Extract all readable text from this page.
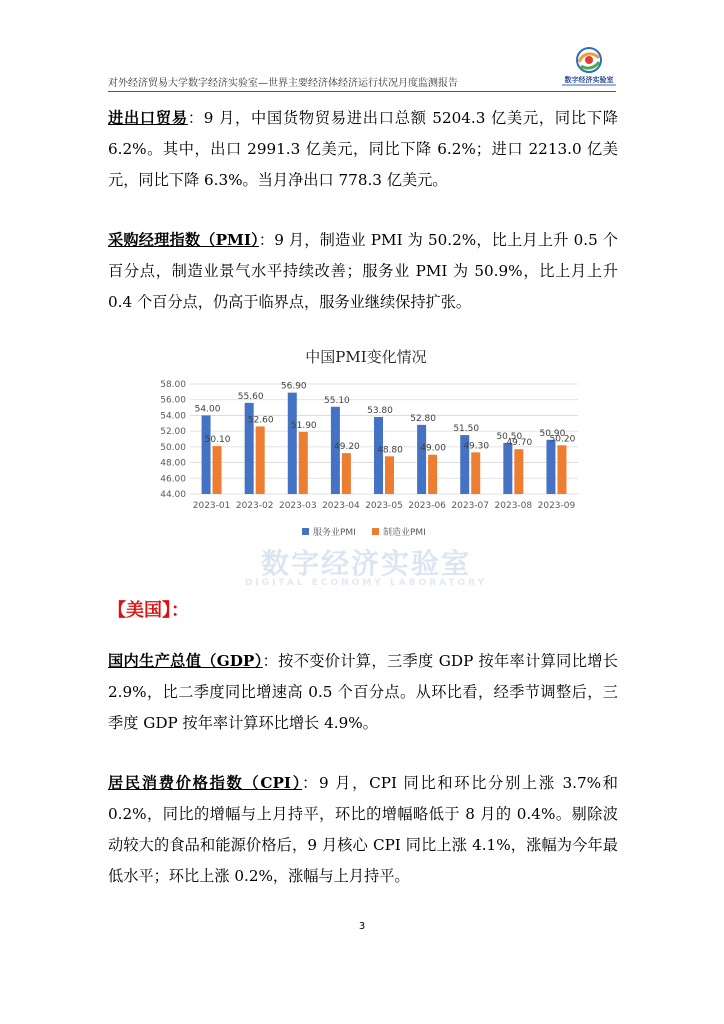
对外经济贸易大学数字经济实验室—世界主要经济体经济运行状况月度监测报告	数字经济实验室
进出口贸易：9 月，中国货物贸易进出口总额 5204.3 亿美元，同比下降 6.2%。其中，出口 2991.3 亿美元，同比下降 6.2%；进口 2213.0 亿美元，同比下降 6.3%。当月净出口 778.3 亿美元。
采购经理指数（PMI）：9 月，制造业 PMI 为 50.2%，比上月上升 0.5 个百分点，制造业景气水平持续改善；服务业 PMI 为 50.9%，比上月上升 0.4 个百分点，仍高于临界点，服务业继续保持扩张。
中国PMI变化情况
44.00
46.00
48.00
50.00
52.00
54.00
56.00
58.00
54.00
50.10
55.60
52.60
56.90
51.90
55.10
49.20
53.80
48.80
52.80
49.00
51.50
49.30
50.50
49.70
50.90
50.20
2023-01 2023-02 2023-03 2023-04 2023-05 2023-06 2023-07 2023-08 2023-09
服务业PMI	制造业PMI
数字经济实验室
DIGITAL ECONOMY LABORATORY
【美国】：
国内生产总值（GDP）：按不变价计算，三季度 GDP 按年率计算同比增长 2.9%，比二季度同比增速高 0.5 个百分点。从环比看，经季节调整后，三季度 GDP 按年率计算环比增长 4.9%。
居民消费价格指数（CPI）：9 月，CPI 同比和环比分别上涨 3.7%和 0.2%，同比的增幅与上月持平，环比的增幅略低于 8 月的 0.4%。剔除波动较大的食品和能源价格后，9 月核心 CPI 同比上涨 4.1%，涨幅为今年最低水平；环比上涨 0.2%，涨幅与上月持平。
3
